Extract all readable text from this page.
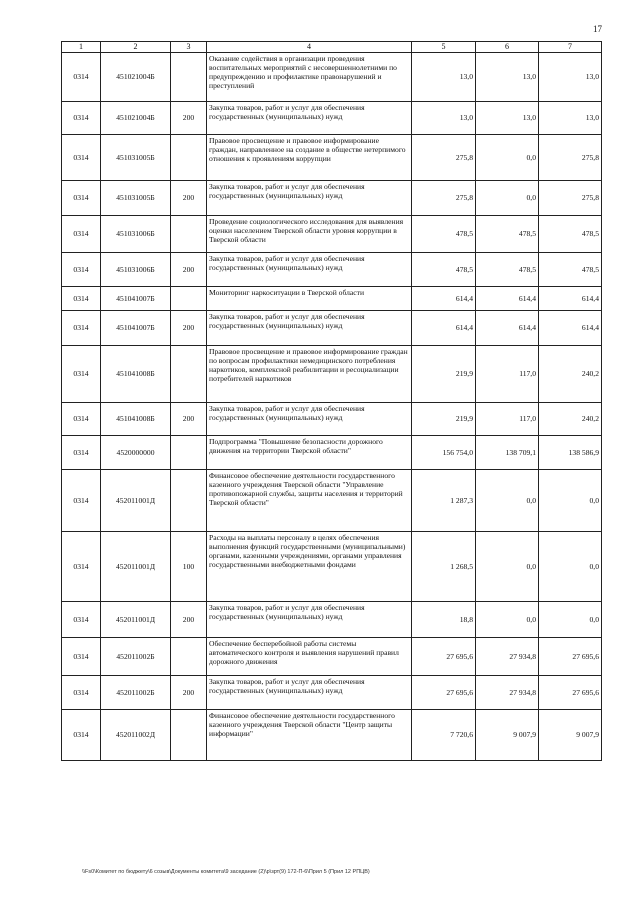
17
1	2	3	4	5	6	7
0314	451021004Б		Оказание содействия в организации проведения воспитательных мероприятий с несовершеннолетними по предупреждению и профилактике правонарушений и преступлений	13,0	13,0	13,0
0314	451021004Б	200	Закупка товаров, работ и услуг для обеспечения государственных (муниципальных) нужд	13,0	13,0	13,0
0314	451031005Б		Правовое просвещение и правовое информирование граждан, направленное на создание в обществе нетерпимого отношения к проявлениям коррупции	275,8	0,0	275,8
0314	451031005Б	200	Закупка товаров, работ и услуг для обеспечения государственных (муниципальных) нужд	275,8	0,0	275,8
0314	451031006Б		Проведение социологического исследования для выявления оценки населением Тверской области уровня коррупции в Тверской области	478,5	478,5	478,5
0314	451031006Б	200	Закупка товаров, работ и услуг для обеспечения государственных (муниципальных) нужд	478,5	478,5	478,5
0314	451041007Б		Мониторинг наркоситуации в Тверской области	614,4	614,4	614,4
0314	451041007Б	200	Закупка товаров, работ и услуг для обеспечения государственных (муниципальных) нужд	614,4	614,4	614,4
0314	451041008Б		Правовое просвещение и правовое информирование граждан по вопросам профилактики немедицинского потребления наркотиков, комплексной реабилитации и ресоциализации потребителей наркотиков	219,9	117,0	240,2
0314	451041008Б	200	Закупка товаров, работ и услуг для обеспечения государственных (муниципальных) нужд	219,9	117,0	240,2
0314	4520000000		Подпрограмма "Повышение безопасности дорожного движения на территории Тверской области"	156 754,0	138 709,1	138 586,9
0314	452011001Д		Финансовое обеспечение деятельности государственного казенного учреждения Тверской области "Управление противопожарной службы, защиты населения и территорий Тверской области"	1 287,3	0,0	0,0
0314	452011001Д	100	Расходы на выплаты персоналу в целях обеспечения выполнения функций государственными (муниципальными) органами, казенными учреждениями, органами управления государственными внебюджетными фондами	1 268,5	0,0	0,0
0314	452011001Д	200	Закупка товаров, работ и услуг для обеспечения государственных (муниципальных) нужд	18,8	0,0	0,0
0314	452011002Б		Обеспечение бесперебойной работы системы автоматического контроля и выявления нарушений правил дорожного движения	27 695,6	27 934,8	27 695,6
0314	452011002Б	200	Закупка товаров, работ и услуг для обеспечения государственных (муниципальных) нужд	27 695,6	27 934,8	27 695,6
0314	452011002Д		Финансовое обеспечение деятельности государственного казенного учреждения Тверской области "Центр защиты информации"	7 720,6	9 007,9	9 007,9
\\Fs0\Комитет по бюджету\6 созыв\Документы комитета\9 заседание (2)\р\зрт(9) 172-П-6\Прил 5 (Прил 12 РПЦВ)
